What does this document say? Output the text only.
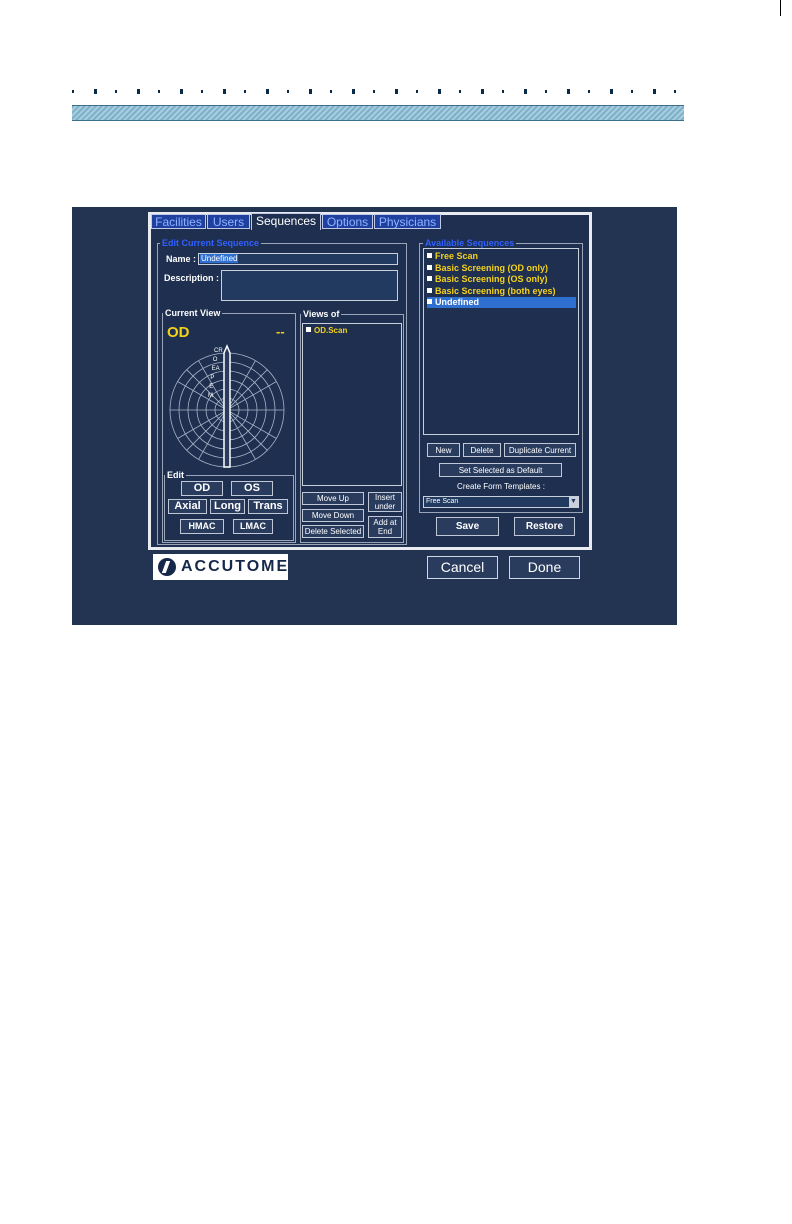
Facilities Users Sequences Options Physicians
Edit Current Sequence
Name : Undefined
Description :
Current View
OD	--
CR
O
EA
P
E
M
Edit
OD	OS
Axial	Long	Trans
HMAC	LMAC
Views of
OD.Scan
Move Up	Insert under
Move Down
Delete Selected
Add at End
Available Sequences
Free Scan
Basic Screening (OD only)
Basic Screening (OS only)
Basic Screening (both eyes)
Undefined
New	Delete	Duplicate Current
Set Selected as Default
Create Form Templates :
Free Scan	▼
Save	Restore
ACCUTOME	Cancel	Done
